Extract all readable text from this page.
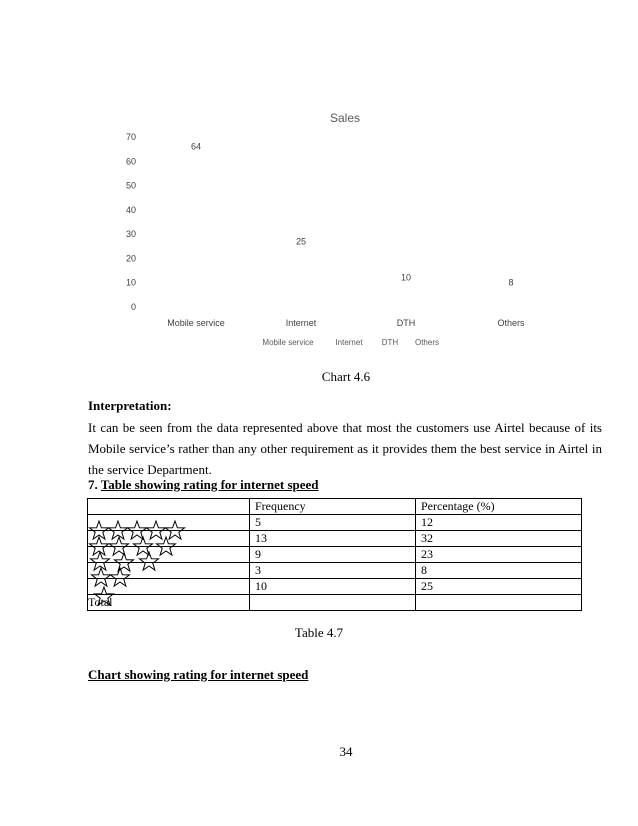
Sales
0
10
20
30
40
50
60
70
64
25
10	8
Mobile service	Internet	DTH	Others
Mobile service	Internet DTH Others
Chart 4.6
Interpretation:
It can be seen from the data represented above that most the customers use Airtel because of its Mobile service’s rather than any other requirement as it provides them the best service in Airtel in the service Department.
7. Table showing rating for internet speed
	Frequency	Percentage (%)

	5	12

	13	32

	9	23

	3	8

	10	25
Total		
Table 4.7
Chart showing rating for internet speed
34
